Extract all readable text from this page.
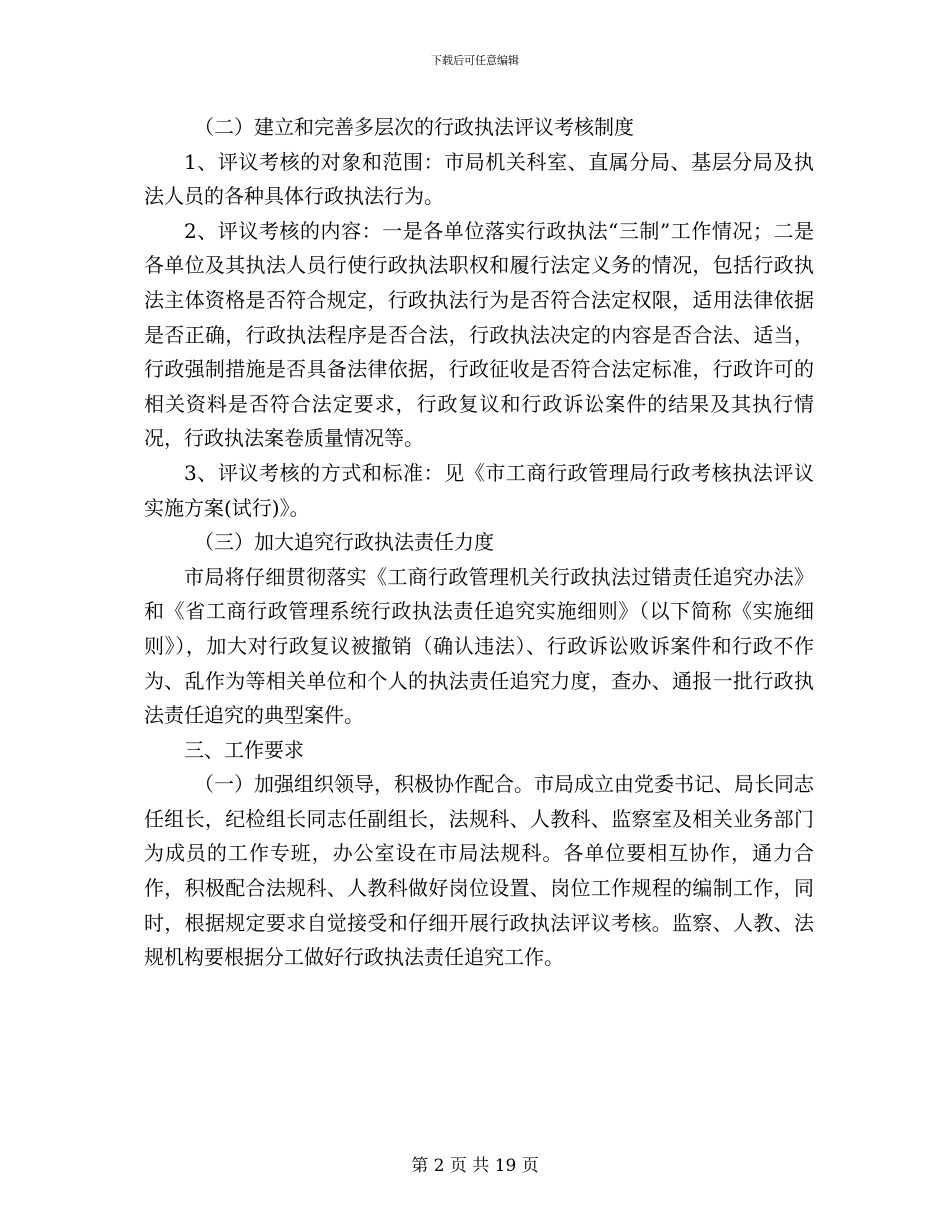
下载后可任意编辑

（二）建立和完善多层次的行政执法评议考核制度

1、评议考核的对象和范围：市局机关科室、直属分局、基层分局及执法人员的各种具体行政执法行为。

2、评议考核的内容：一是各单位落实行政执法“三制”工作情况；二是各单位及其执法人员行使行政执法职权和履行法定义务的情况，包括行政执法主体资格是否符合规定，行政执法行为是否符合法定权限，适用法律依据是否正确，行政执法程序是否合法，行政执法决定的内容是否合法、适当，行政强制措施是否具备法律依据，行政征收是否符合法定标准，行政许可的相关资料是否符合法定要求，行政复议和行政诉讼案件的结果及其执行情况，行政执法案卷质量情况等。

3、评议考核的方式和标准：见《市工商行政管理局行政考核执法评议实施方案(试行)》。

（三）加大追究行政执法责任力度

市局将仔细贯彻落实《工商行政管理机关行政执法过错责任追究办法》和《省工商行政管理系统行政执法责任追究实施细则》（以下简称《实施细则》），加大对行政复议被撤销（确认违法）、行政诉讼败诉案件和行政不作为、乱作为等相关单位和个人的执法责任追究力度，查办、通报一批行政执法责任追究的典型案件。

三、工作要求

（一）加强组织领导，积极协作配合。市局成立由党委书记、局长同志任组长，纪检组长同志任副组长，法规科、人教科、监察室及相关业务部门为成员的工作专班，办公室设在市局法规科。各单位要相互协作，通力合作，积极配合法规科、人教科做好岗位设置、岗位工作规程的编制工作，同时，根据规定要求自觉接受和仔细开展行政执法评议考核。监察、人教、法规机构要根据分工做好行政执法责任追究工作。

第 2 页 共 19 页
